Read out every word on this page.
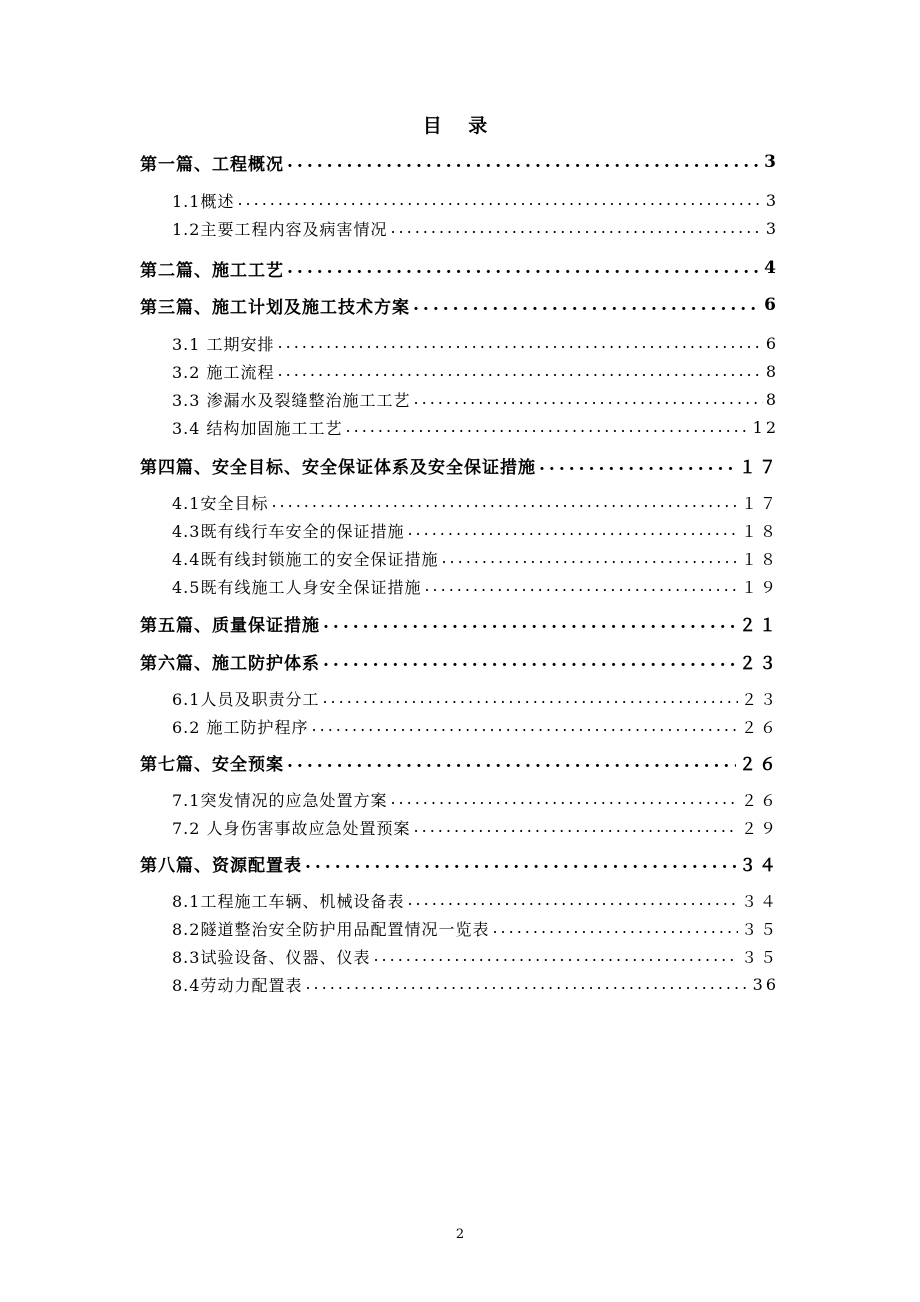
目 录
第一篇、工程概况 .....	3
1.1概述 .....	3
1.2主要工程内容及病害情况 .....	3
第二篇、施工工艺 .....	4
第三篇、施工计划及施工技术方案 .....	6
3.1 工期安排 .....	6
3.2 施工流程 .....	8
3.3 渗漏水及裂缝整治施工工艺 .....	8
3.4 结构加固施工工艺 .....	12
第四篇、安全目标、安全保证体系及安全保证措施 .....	１７
4.1安全目标 .....	１７
4.3既有线行车安全的保证措施 .....	１８
4.4既有线封锁施工的安全保证措施 .....	１８
4.5既有线施工人身安全保证措施 .....	１９
第五篇、质量保证措施 .....	２１
第六篇、施工防护体系 .....	２３
6.1人员及职责分工 .....	２３
6.2 施工防护程序 .....	２６
第七篇、安全预案 .....	２６
7.1突发情况的应急处置方案 .....	２６
7.2 人身伤害事故应急处置预案 .....	２９
第八篇、资源配置表 .....	３４
8.1工程施工车辆、机械设备表 .....	３４
8.2隧道整治安全防护用品配置情况一览表 .....	３５
8.3试验设备、仪器、仪表 .....	３５
8.4劳动力配置表 .....	36
2
